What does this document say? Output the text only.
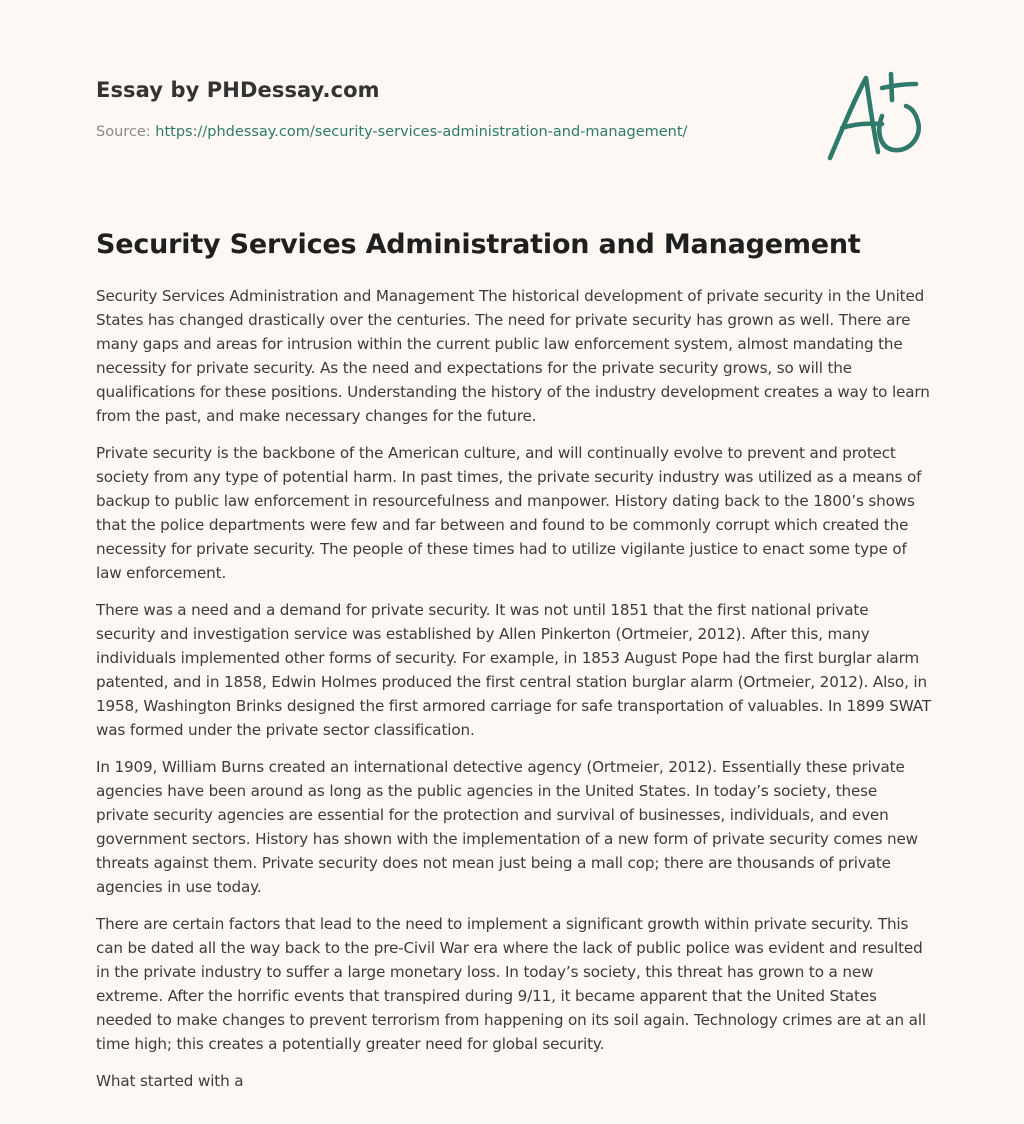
Essay by PHDessay.com
Source: https://phdessay.com/security-services-administration-and-management/
Security Services Administration and Management

Security Services Administration and Management The historical development of private security in the United States has changed drastically over the centuries. The need for private security has grown as well. There are many gaps and areas for intrusion within the current public law enforcement system, almost mandating the necessity for private security. As the need and expectations for the private security grows, so will the qualifications for these positions. Understanding the history of the industry development creates a way to learn from the past, and make necessary changes for the future.

Private security is the backbone of the American culture, and will continually evolve to prevent and protect society from any type of potential harm. In past times, the private security industry was utilized as a means of backup to public law enforcement in resourcefulness and manpower. History dating back to the 1800’s shows that the police departments were few and far between and found to be commonly corrupt which created the necessity for private security. The people of these times had to utilize vigilante justice to enact some type of law enforcement.

There was a need and a demand for private security. It was not until 1851 that the first national private security and investigation service was established by Allen Pinkerton (Ortmeier, 2012). After this, many individuals implemented other forms of security. For example, in 1853 August Pope had the first burglar alarm patented, and in 1858, Edwin Holmes produced the first central station burglar alarm (Ortmeier, 2012). Also, in 1958, Washington Brinks designed the first armored carriage for safe transportation of valuables. In 1899 SWAT was formed under the private sector classification.

In 1909, William Burns created an international detective agency (Ortmeier, 2012). Essentially these private agencies have been around as long as the public agencies in the United States. In today’s society, these private security agencies are essential for the protection and survival of businesses, individuals, and even government sectors. History has shown with the implementation of a new form of private security comes new threats against them. Private security does not mean just being a mall cop; there are thousands of private agencies in use today.

There are certain factors that lead to the need to implement a significant growth within private security. This can be dated all the way back to the pre-Civil War era where the lack of public police was evident and resulted in the private industry to suffer a large monetary loss. In today’s society, this threat has grown to a new extreme. After the horrific events that transpired during 9/11, it became apparent that the United States needed to make changes to prevent terrorism from happening on its soil again. Technology crimes are at an all time high; this creates a potentially greater need for global security.

What started with a
